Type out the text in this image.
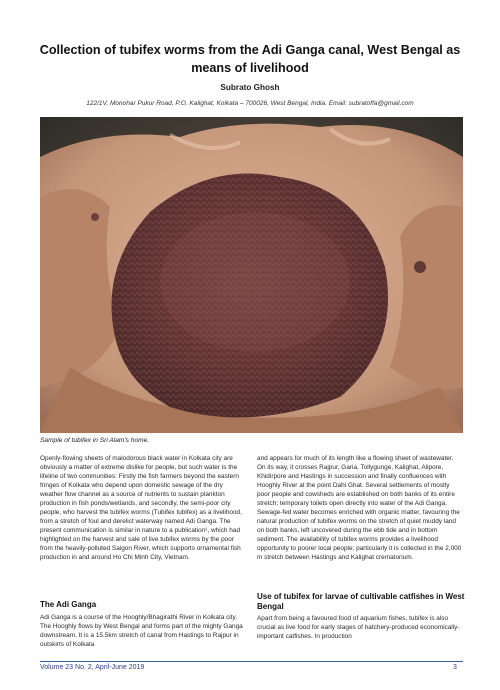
Collection of tubifex worms from the Adi Ganga canal, West Bengal as means of livelihood
Subrato Ghosh
122/1V, Monohar Pukur Road, P.O. Kalighat, Kolkata – 700026, West Bengal, India. Email: subratoffa@gmail.com
Sample of tubifex in Sri Alam's home.

Openly-flowing sheets of malodorous black water in Kolkata city are obviously a matter of extreme dislike for people, but such water is the lifeline of two communities: Firstly the fish farmers beyond the eastern fringes of Kolkata who depend upon domestic sewage of the dry weather flow channel as a source of nutrients to sustain plankton production in fish ponds/wetlands, and secondly, the semi-poor city people, who harvest the tubifex worms (Tubifex tubifex) as a livelihood, from a stretch of foul and derelict waterway named Adi Ganga. The present communication is similar in nature to a publication¹, which had highlighted on the harvest and sale of live tubifex worms by the poor from the heavily-polluted Saigon River, which supports ornamental fish production in and around Ho Chi Minh City, Vietnam.

The Adi Ganga

Adi Ganga is a course of the Hooghly/Bhagirathi River in Kolkata city. The Hooghly flows by West Bengal and forms part of the mighty Ganga downstream. It is a 15.5km stretch of canal from Hastings to Rajpur in outskirts of Kolkata

and appears for much of its length like a flowing sheet of wastewater. On its way, it crosses Rajpur, Garia, Tollygunge, Kalighat, Alipore, Khidirpore and Hastings in succession and finally confluences with Hooghly River at the point Dahi Ghat. Several settlements of mostly poor people and cowsheds are established on both banks of its entire stretch; temporary toilets open directly into water of the Adi Ganga. Sewage-fed water becomes enriched with organic matter, favouring the natural production of tubifex worms on the stretch of quiet muddy land on both banks, left uncovered during the ebb tide and in bottom sediment. The availability of tubifex worms provides a livelihood opportunity to poorer local people; particularly it is collected in the 2,000 m stretch between Hastings and Kalighat crematorium.

Use of tubifex for larvae of cultivable catfishes in West Bengal

Apart from being a favoured food of aquarium fishes, tubifex is also crucial as live food for early stages of hatchery-produced economically-important catfishes. In production

Volume 23 No. 2, April-June 2019	3
